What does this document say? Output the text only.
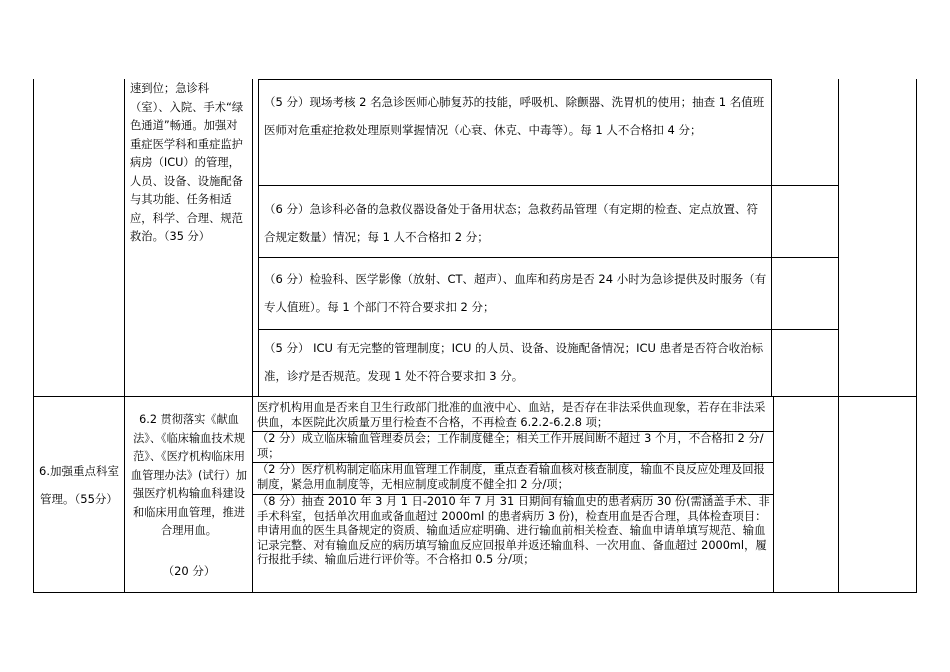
速到位；急诊科（室）、入院、手术“绿色通道”畅通。加强对重症医学科和重症监护病房（ICU）的管理，人员、设备、设施配备与其功能、任务相适应，科学、合理、规范救治。（35 分）
（5 分）现场考核 2 名急诊医师心肺复苏的技能，呼吸机、除颤器、洗胃机的使用；抽查 1 名值班医师对危重症抢救处理原则掌握情况（心衰、休克、中毒等）。每 1 人不合格扣 4 分；
（6 分）急诊科必备的急救仪器设备处于备用状态；急救药品管理（有定期的检查、定点放置、符合规定数量）情况；每 1 人不合格扣 2 分；
（6 分）检验科、医学影像（放射、CT、超声）、血库和药房是否 24 小时为急诊提供及时服务（有专人值班）。每 1 个部门不符合要求扣 2 分；
（5 分） ICU 有无完整的管理制度；ICU 的人员、设备、设施配备情况；ICU 患者是否符合收治标准，诊疗是否规范。发现 1 处不符合要求扣 3 分。
6.加强重点科室管理。（55分）
6.2 贯彻落实《献血法》、《临床输血技术规范》、《医疗机构临床用血管理办法》(试行）加强医疗机构输血科建设和临床用血管理，推进合理用血。
（20 分）
医疗机构用血是否来自卫生行政部门批准的血液中心、血站，是否存在非法采供血现象，若存在非法采供血，本医院此次质量万里行检查不合格，不再检查 6.2.2-6.2.8 项；
（2 分）成立临床输血管理委员会；工作制度健全；相关工作开展间断不超过 3 个月，不合格扣 2 分/项；
（2 分）医疗机构制定临床用血管理工作制度，重点查看输血核对核查制度，输血不良反应处理及回报制度，紧急用血制度等，无相应制度或制度不健全扣 2 分/项；
（8 分）抽查 2010 年 3 月 1 日-2010 年 7 月 31 日期间有输血史的患者病历 30 份(需涵盖手术、非手术科室，包括单次用血或备血超过 2000ml 的患者病历 3 份)，检查用血是否合理，具体检查项目：申请用血的医生具备规定的资质、输血适应症明确、进行输血前相关检查、输血申请单填写规范、输血记录完整、对有输血反应的病历填写输血反应回报单并返还输血科、一次用血、备血超过 2000ml，履行报批手续、输血后进行评价等。不合格扣 0.5 分/项；
